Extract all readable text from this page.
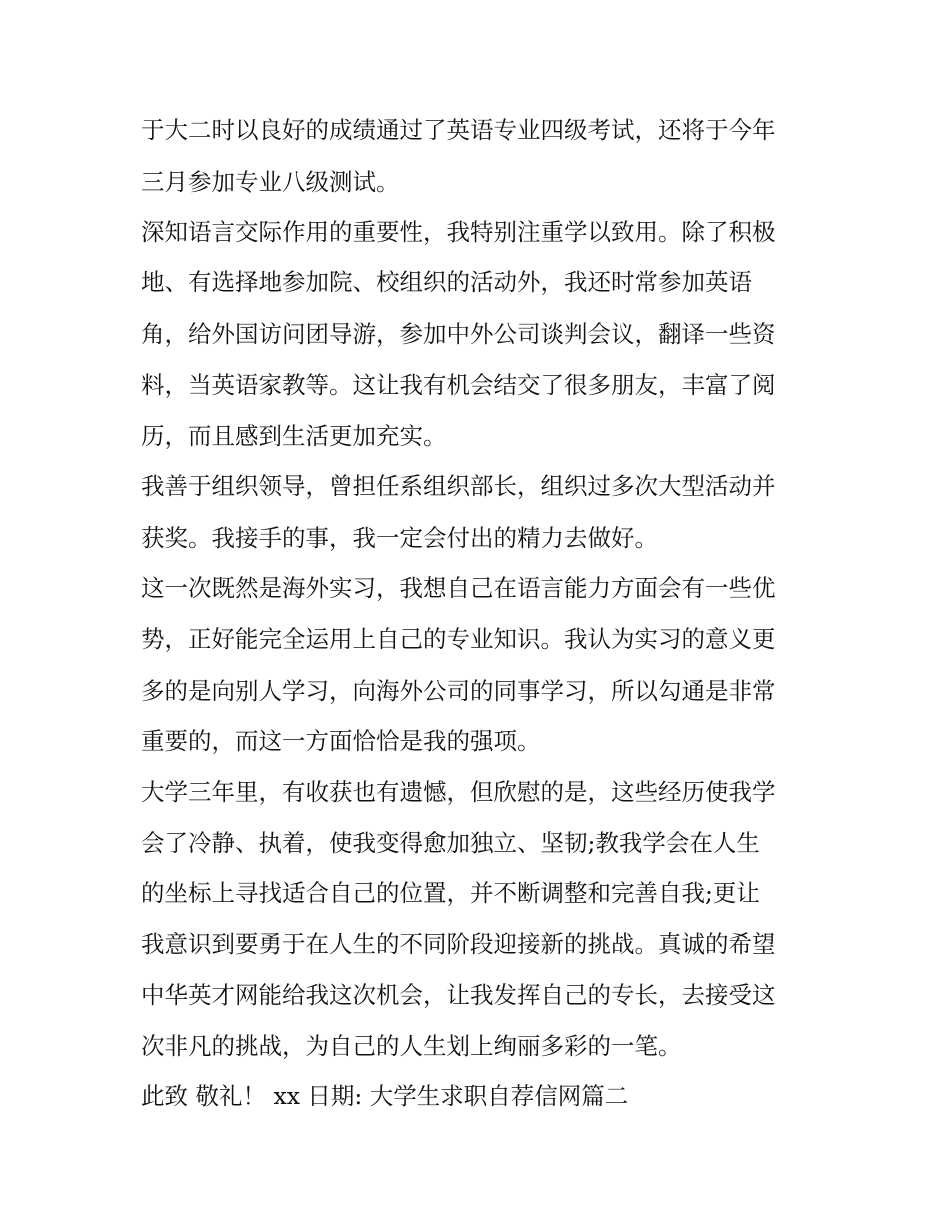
于大二时以良好的成绩通过了英语专业四级考试，还将于今年

三月参加专业八级测试。

深知语言交际作用的重要性，我特别注重学以致用。除了积极

地、有选择地参加院、校组织的活动外，我还时常参加英语

角，给外国访问团导游，参加中外公司谈判会议，翻译一些资

料，当英语家教等。这让我有机会结交了很多朋友，丰富了阅

历，而且感到生活更加充实。

我善于组织领导，曾担任系组织部长，组织过多次大型活动并

获奖。我接手的事，我一定会付出的精力去做好。

这一次既然是海外实习，我想自己在语言能力方面会有一些优

势，正好能完全运用上自己的专业知识。我认为实习的意义更

多的是向别人学习，向海外公司的同事学习，所以勾通是非常

重要的，而这一方面恰恰是我的强项。

大学三年里，有收获也有遗憾，但欣慰的是，这些经历使我学

会了冷静、执着，使我变得愈加独立、坚韧;教我学会在人生

的坐标上寻找适合自己的位置，并不断调整和完善自我;更让

我意识到要勇于在人生的不同阶段迎接新的挑战。真诚的希望

中华英才网能给我这次机会，让我发挥自己的专长，去接受这

次非凡的挑战，为自己的人生划上绚丽多彩的一笔。

此致 敬礼！ xx 日期: 大学生求职自荐信网篇二
